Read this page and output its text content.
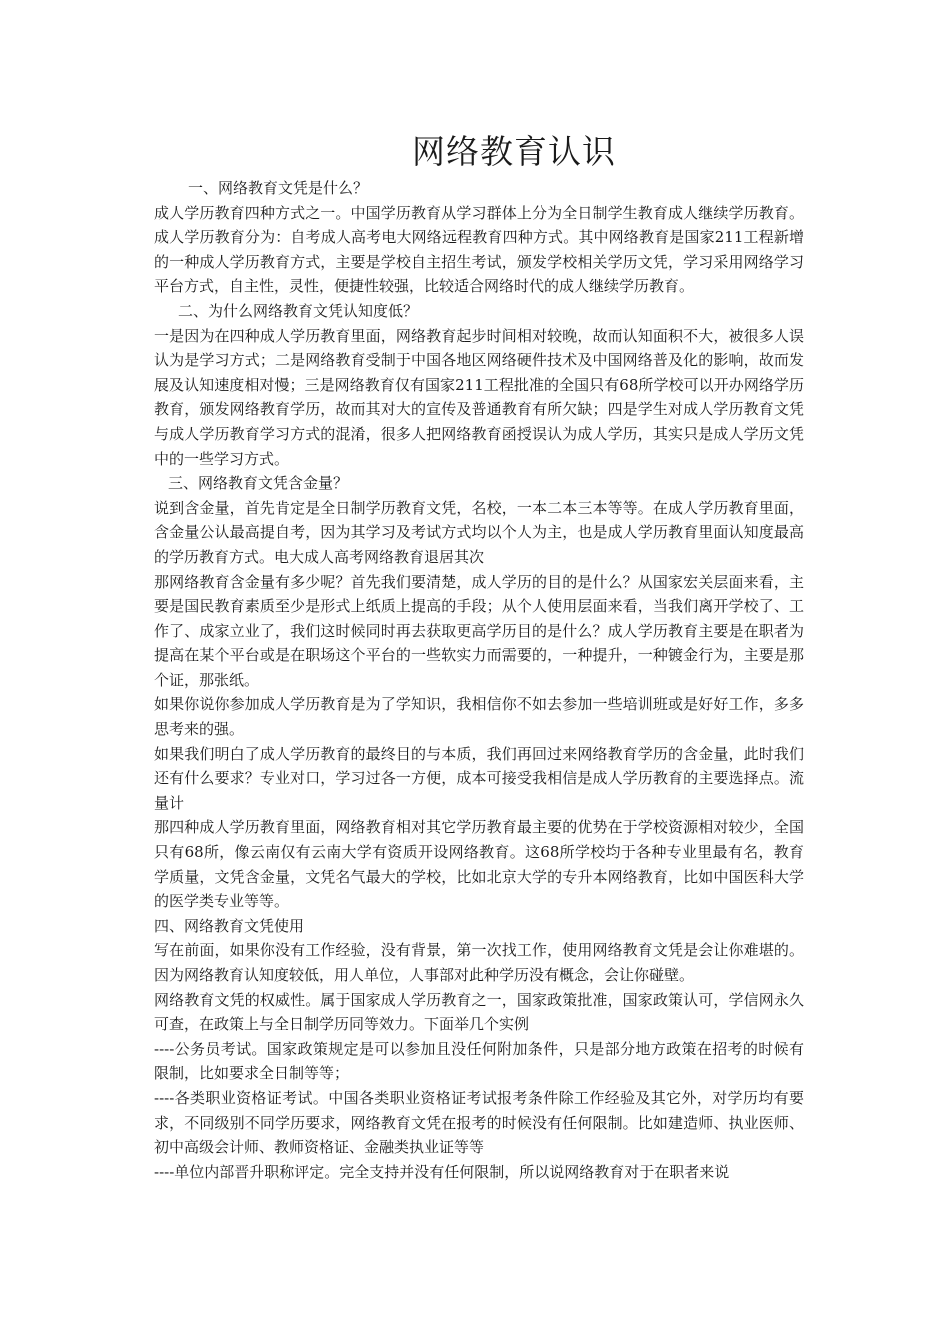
网络教育认识

一、网络教育文凭是什么？

成人学历教育四种方式之一。中国学历教育从学习群体上分为全日制学生教育成人继续学历教育。成人学历教育分为：自考成人高考电大网络远程教育四种方式。其中网络教育是国家211工程新增的一种成人学历教育方式，主要是学校自主招生考试，颁发学校相关学历文凭，学习采用网络学习平台方式，自主性，灵性，便捷性较强，比较适合网络时代的成人继续学历教育。

二、为什么网络教育文凭认知度低？

一是因为在四种成人学历教育里面，网络教育起步时间相对较晚，故而认知面积不大，被很多人误认为是学习方式；二是网络教育受制于中国各地区网络硬件技术及中国网络普及化的影响，故而发展及认知速度相对慢；三是网络教育仅有国家211工程批准的全国只有68所学校可以开办网络学历教育，颁发网络教育学历，故而其对大的宣传及普通教育有所欠缺；四是学生对成人学历教育文凭与成人学历教育学习方式的混淆，很多人把网络教育函授误认为成人学历，其实只是成人学历文凭中的一些学习方式。

三、网络教育文凭含金量？

说到含金量，首先肯定是全日制学历教育文凭，名校，一本二本三本等等。在成人学历教育里面，含金量公认最高提自考，因为其学习及考试方式均以个人为主，也是成人学历教育里面认知度最高的学历教育方式。电大成人高考网络教育退居其次

那网络教育含金量有多少呢？首先我们要清楚，成人学历的目的是什么？从国家宏关层面来看，主要是国民教育素质至少是形式上纸质上提高的手段；从个人使用层面来看，当我们离开学校了、工作了、成家立业了，我们这时候同时再去获取更高学历目的是什么？成人学历教育主要是在职者为提高在某个平台或是在职场这个平台的一些软实力而需要的，一种提升，一种镀金行为，主要是那个证，那张纸。

如果你说你参加成人学历教育是为了学知识，我相信你不如去参加一些培训班或是好好工作，多多思考来的强。

如果我们明白了成人学历教育的最终目的与本质，我们再回过来网络教育学历的含金量，此时我们还有什么要求？专业对口，学习过各一方便，成本可接受我相信是成人学历教育的主要选择点。流量计

那四种成人学历教育里面，网络教育相对其它学历教育最主要的优势在于学校资源相对较少，全国只有68所，像云南仅有云南大学有资质开设网络教育。这68所学校均于各种专业里最有名，教育学质量，文凭含金量，文凭名气最大的学校，比如北京大学的专升本网络教育，比如中国医科大学的医学类专业等等。

四、网络教育文凭使用

写在前面，如果你没有工作经验，没有背景，第一次找工作，使用网络教育文凭是会让你难堪的。因为网络教育认知度较低，用人单位，人事部对此种学历没有概念，会让你碰壁。

网络教育文凭的权威性。属于国家成人学历教育之一，国家政策批准，国家政策认可，学信网永久可查，在政策上与全日制学历同等效力。下面举几个实例

----公务员考试。国家政策规定是可以参加且没任何附加条件，只是部分地方政策在招考的时候有限制，比如要求全日制等等；

----各类职业资格证考试。中国各类职业资格证考试报考条件除工作经验及其它外，对学历均有要求，不同级别不同学历要求，网络教育文凭在报考的时候没有任何限制。比如建造师、执业医师、初中高级会计师、教师资格证、金融类执业证等等

----单位内部晋升职称评定。完全支持并没有任何限制，所以说网络教育对于在职者来说
